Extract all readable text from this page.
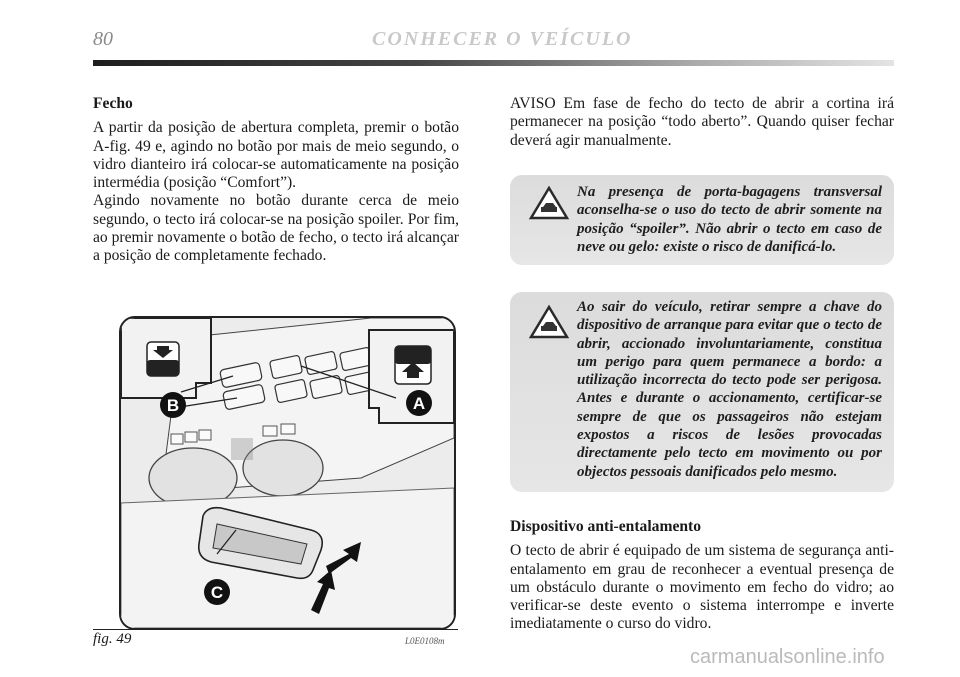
80	CONHECER O VEÍCULO

Fecho

A partir da posição de abertura completa, premir o botão A-fig. 49 e, agindo no botão por mais de meio segundo, o vidro dianteiro irá colocar-se automaticamente na posição intermédia (posição “Comfort”).

Agindo novamente no botão durante cerca de meio segundo, o tecto irá colocar-se na posição spoiler. Por fim, ao premir novamente o botão de fecho, o tecto irá alcançar a posição de completamente fechado.

AVISO Em fase de fecho do tecto de abrir a cortina irá permanecer na posição “todo aberto”. Quando quiser fechar deverá agir manualmente.

Na presença de porta-bagagens transversal aconselha-se o uso do tecto de abrir somente na posição “spoiler”. Não abrir o tecto em caso de neve ou gelo: existe o risco de danificá-lo.
Ao sair do veículo, retirar sempre a chave do dispositivo de arranque para evitar que o tecto de abrir, accionado involuntariamente, constitua um perigo para quem permanece a bordo: a utilização incorrecta do tecto pode ser perigosa. Antes e durante o accionamento, certificar-se sempre de que os passageiros não estejam expostos a riscos de lesões provocadas directamente pelo tecto em movimento ou por objectos pessoais danificados pelo mesmo.

Dispositivo anti-entalamento

O tecto de abrir é equipado de um sistema de segurança anti-entalamento em grau de reconhecer a eventual presença de um obstáculo durante o movimento em fecho do vidro; ao verificar-se deste evento o sistema interrompe e inverte imediatamente o curso do vidro.

B	A
C
fig. 49	L0E0108m
carmanualsonline.info
